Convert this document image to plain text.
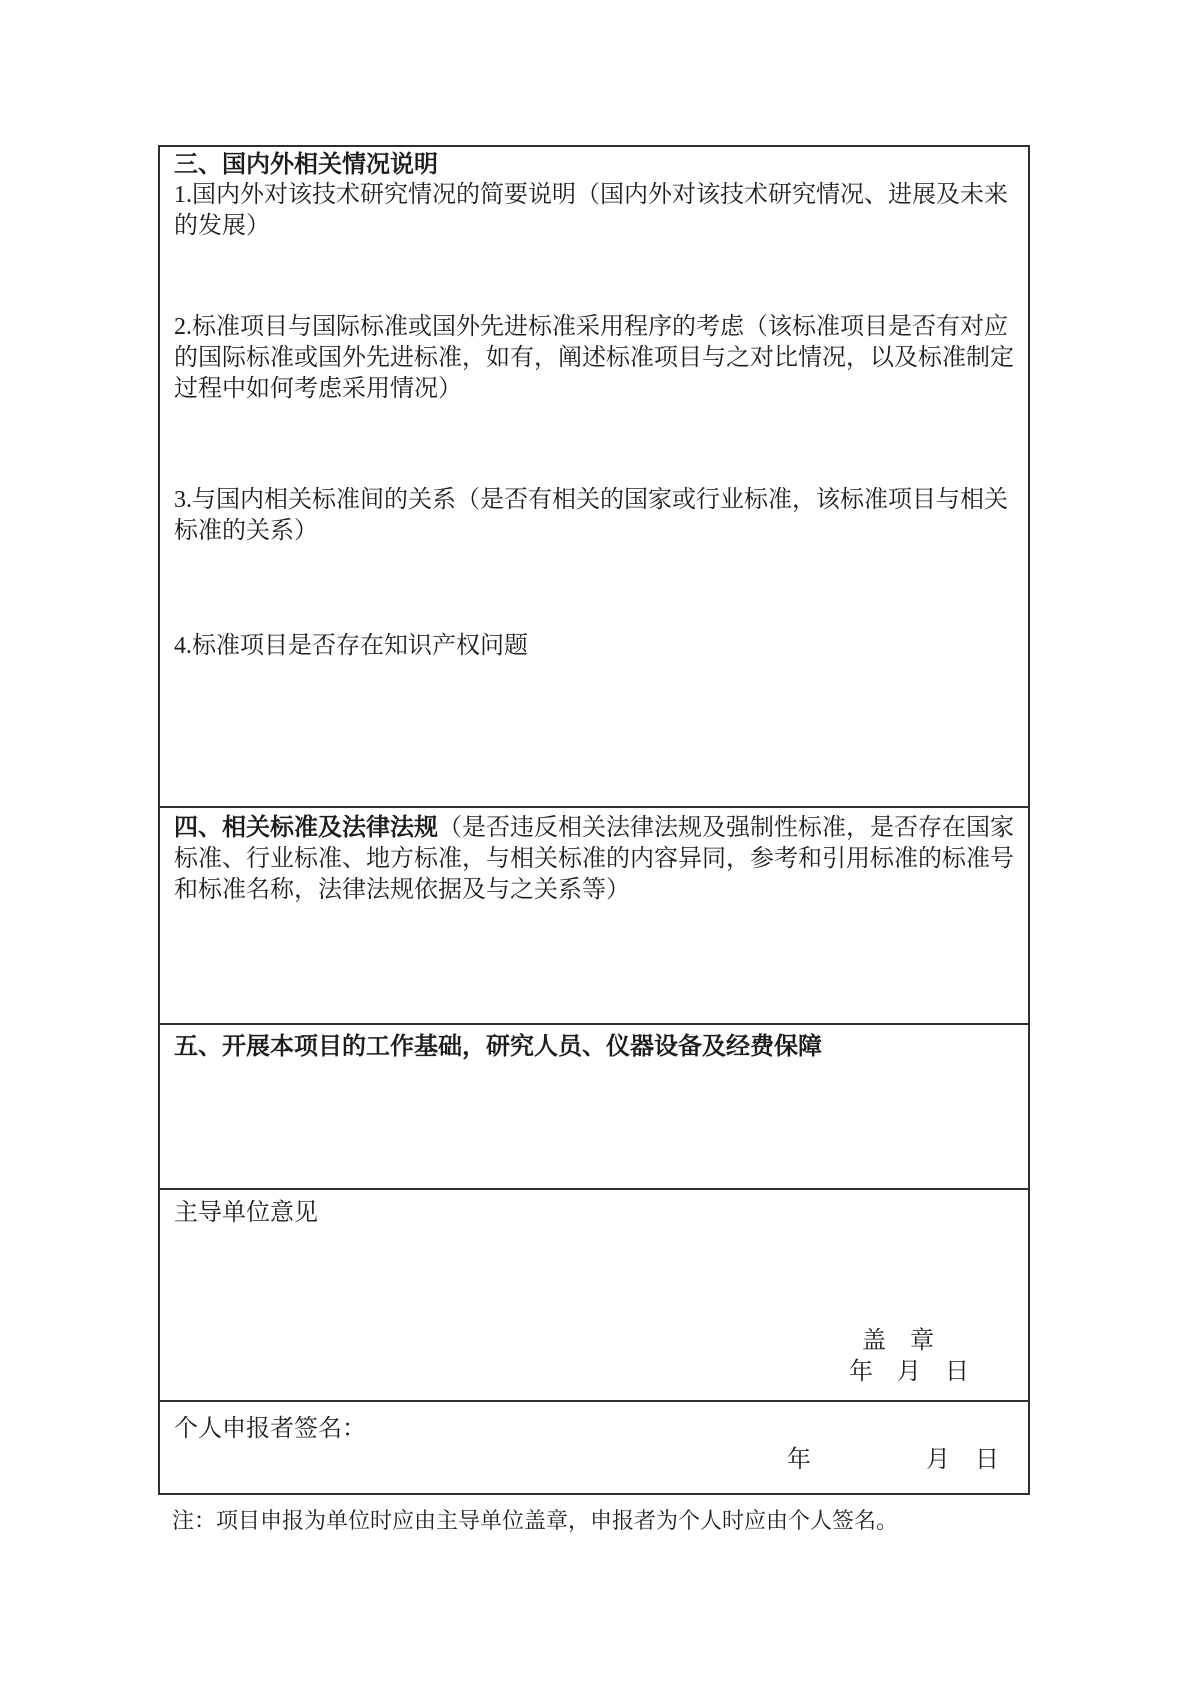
三、国内外相关情况说明

1.国内外对该技术研究情况的简要说明（国内外对该技术研究情况、进展及未来的发展）

2.标准项目与国际标准或国外先进标准采用程序的考虑（该标准项目是否有对应的国际标准或国外先进标准，如有，阐述标准项目与之对比情况，以及标准制定过程中如何考虑采用情况）

3.与国内相关标准间的关系（是否有相关的国家或行业标准，该标准项目与相关标准的关系）

4.标准项目是否存在知识产权问题

四、相关标准及法律法规（是否违反相关法律法规及强制性标准，是否存在国家标准、行业标准、地方标准，与相关标准的内容异同，参考和引用标准的标准号和标准名称，法律法规依据及与之关系等）

五、开展本项目的工作基础，研究人员、仪器设备及经费保障

主导单位意见

盖　章

年　月　日

个人申报者签名：

年	月 日

注：项目申报为单位时应由主导单位盖章，申报者为个人时应由个人签名。
